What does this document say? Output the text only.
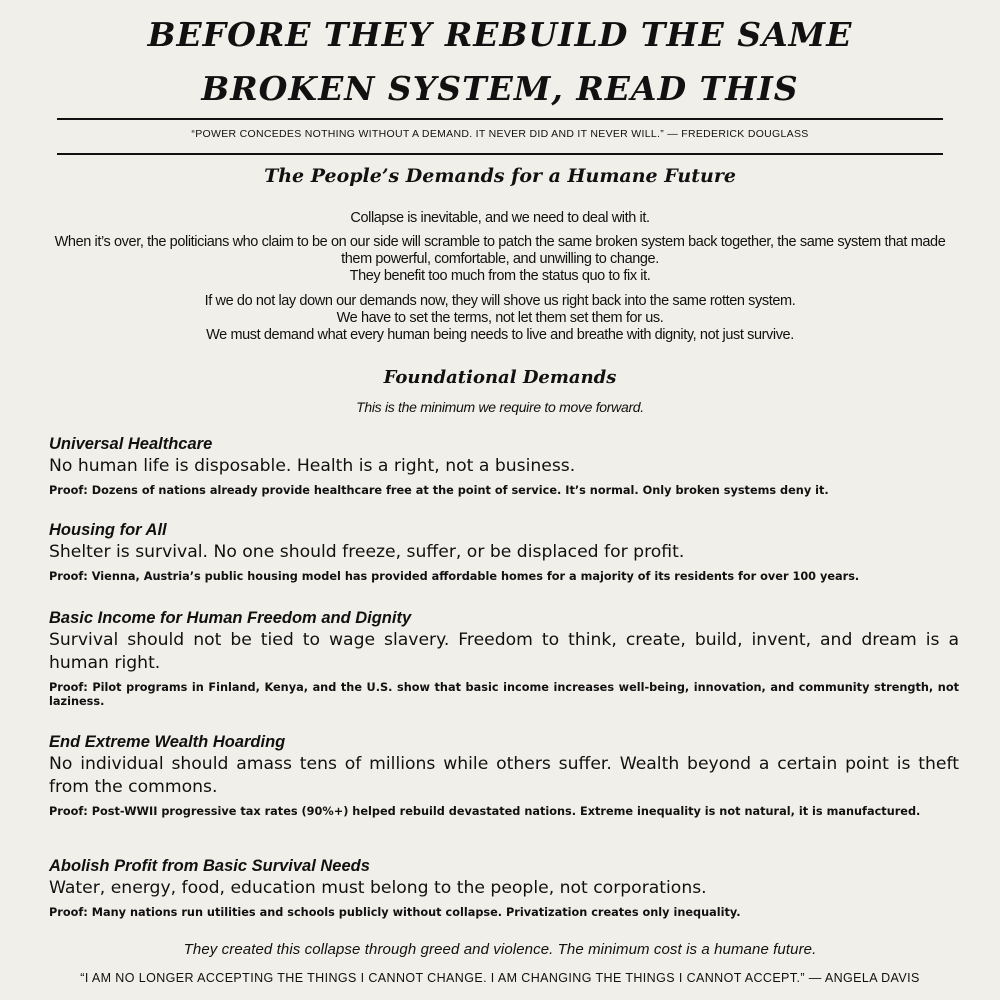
BEFORE THEY REBUILD THE SAME
BROKEN SYSTEM, READ THIS
“POWER CONCEDES NOTHING WITHOUT A DEMAND. IT NEVER DID AND IT NEVER WILL.” — FREDERICK DOUGLASS
The People’s Demands for a Humane Future

Collapse is inevitable, and we need to deal with it.

When it’s over, the politicians who claim to be on our side will scramble to patch the same broken system back together, the same system that made them powerful, comfortable, and unwilling to change.
They benefit too much from the status quo to fix it.

If we do not lay down our demands now, they will shove us right back into the same rotten system.
We have to set the terms, not let them set them for us.
We must demand what every human being needs to live and breathe with dignity, not just survive.

Foundational Demands
This is the minimum we require to move forward.
Universal Healthcare
No human life is disposable. Health is a right, not a business.
Proof: Dozens of nations already provide healthcare free at the point of service. It’s normal. Only broken systems deny it.
Housing for All
Shelter is survival. No one should freeze, suffer, or be displaced for profit.
Proof: Vienna, Austria’s public housing model has provided affordable homes for a majority of its residents for over 100 years.
Basic Income for Human Freedom and Dignity
Survival should not be tied to wage slavery. Freedom to think, create, build, invent, and dream is a human right.
Proof: Pilot programs in Finland, Kenya, and the U.S. show that basic income increases well-being, innovation, and community strength, not laziness.
End Extreme Wealth Hoarding
No individual should amass tens of millions while others suffer. Wealth beyond a certain point is theft from the commons.
Proof: Post-WWII progressive tax rates (90%+) helped rebuild devastated nations. Extreme inequality is not natural, it is manufactured.
Abolish Profit from Basic Survival Needs
Water, energy, food, education must belong to the people, not corporations.
Proof: Many nations run utilities and schools publicly without collapse. Privatization creates only inequality.
They created this collapse through greed and violence. The minimum cost is a humane future.
“I AM NO LONGER ACCEPTING THE THINGS I CANNOT CHANGE. I AM CHANGING THE THINGS I CANNOT ACCEPT.” — ANGELA DAVIS
